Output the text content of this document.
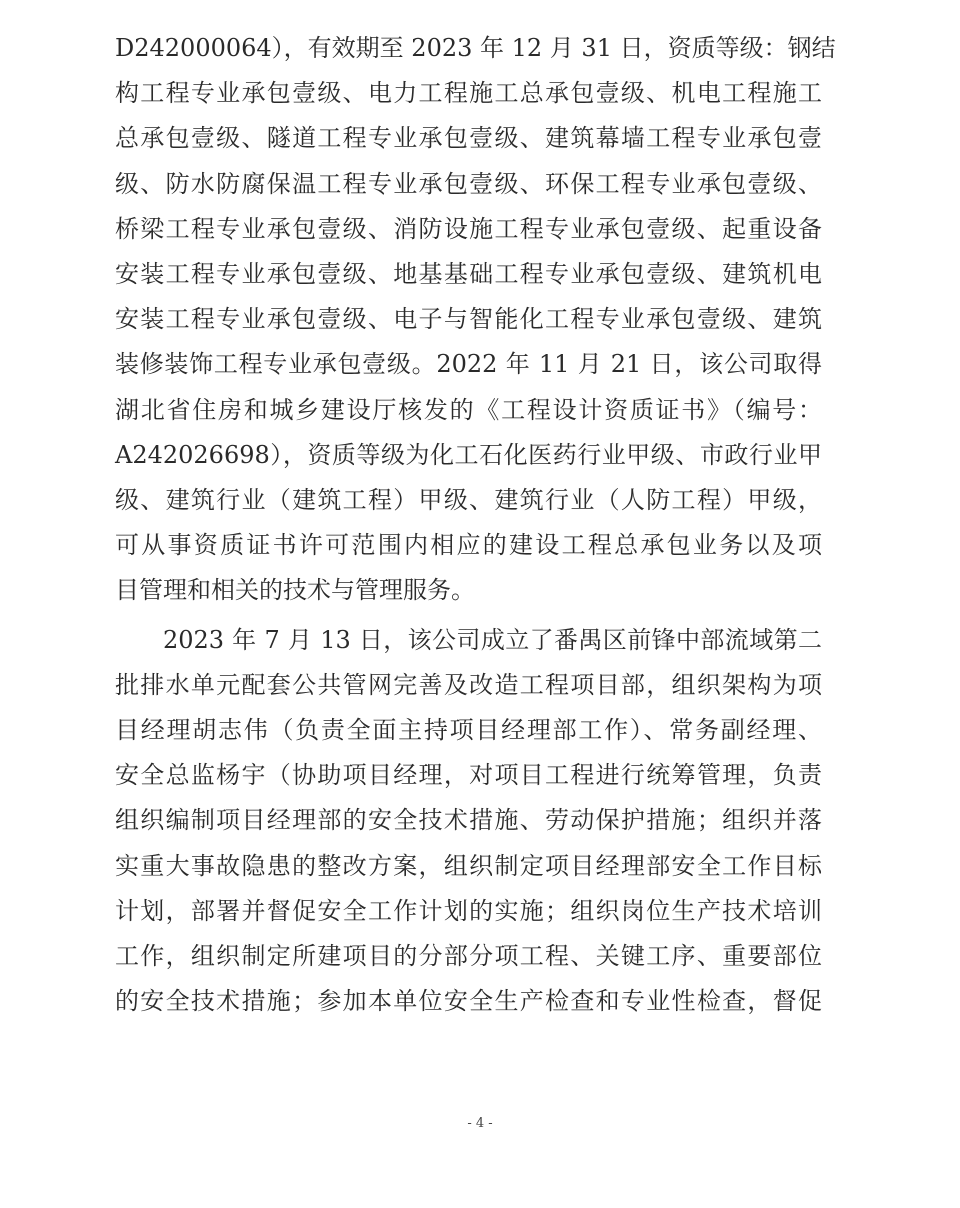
D242000064），有效期至 2023 年 12 月 31 日，资质等级：钢结
构工程专业承包壹级、电力工程施工总承包壹级、机电工程施工
总承包壹级、隧道工程专业承包壹级、建筑幕墙工程专业承包壹
级、防水防腐保温工程专业承包壹级、环保工程专业承包壹级、
桥梁工程专业承包壹级、消防设施工程专业承包壹级、起重设备
安装工程专业承包壹级、地基基础工程专业承包壹级、建筑机电
安装工程专业承包壹级、电子与智能化工程专业承包壹级、建筑
装修装饰工程专业承包壹级。2022 年 11 月 21 日，该公司取得
湖北省住房和城乡建设厅核发的《工程设计资质证书》（编号：
A242026698），资质等级为化工石化医药行业甲级、市政行业甲
级、建筑行业（建筑工程）甲级、建筑行业（人防工程）甲级，
可从事资质证书许可范围内相应的建设工程总承包业务以及项
目管理和相关的技术与管理服务。
2023 年 7 月 13 日，该公司成立了番禺区前锋中部流域第二
批排水单元配套公共管网完善及改造工程项目部，组织架构为项
目经理胡志伟（负责全面主持项目经理部工作）、常务副经理、
安全总监杨宇（协助项目经理，对项目工程进行统筹管理，负责
组织编制项目经理部的安全技术措施、劳动保护措施；组织并落
实重大事故隐患的整改方案，组织制定项目经理部安全工作目标
计划，部署并督促安全工作计划的实施；组织岗位生产技术培训
工作，组织制定所建项目的分部分项工程、关键工序、重要部位
的安全技术措施；参加本单位安全生产检查和专业性检查，督促
- 4 -
